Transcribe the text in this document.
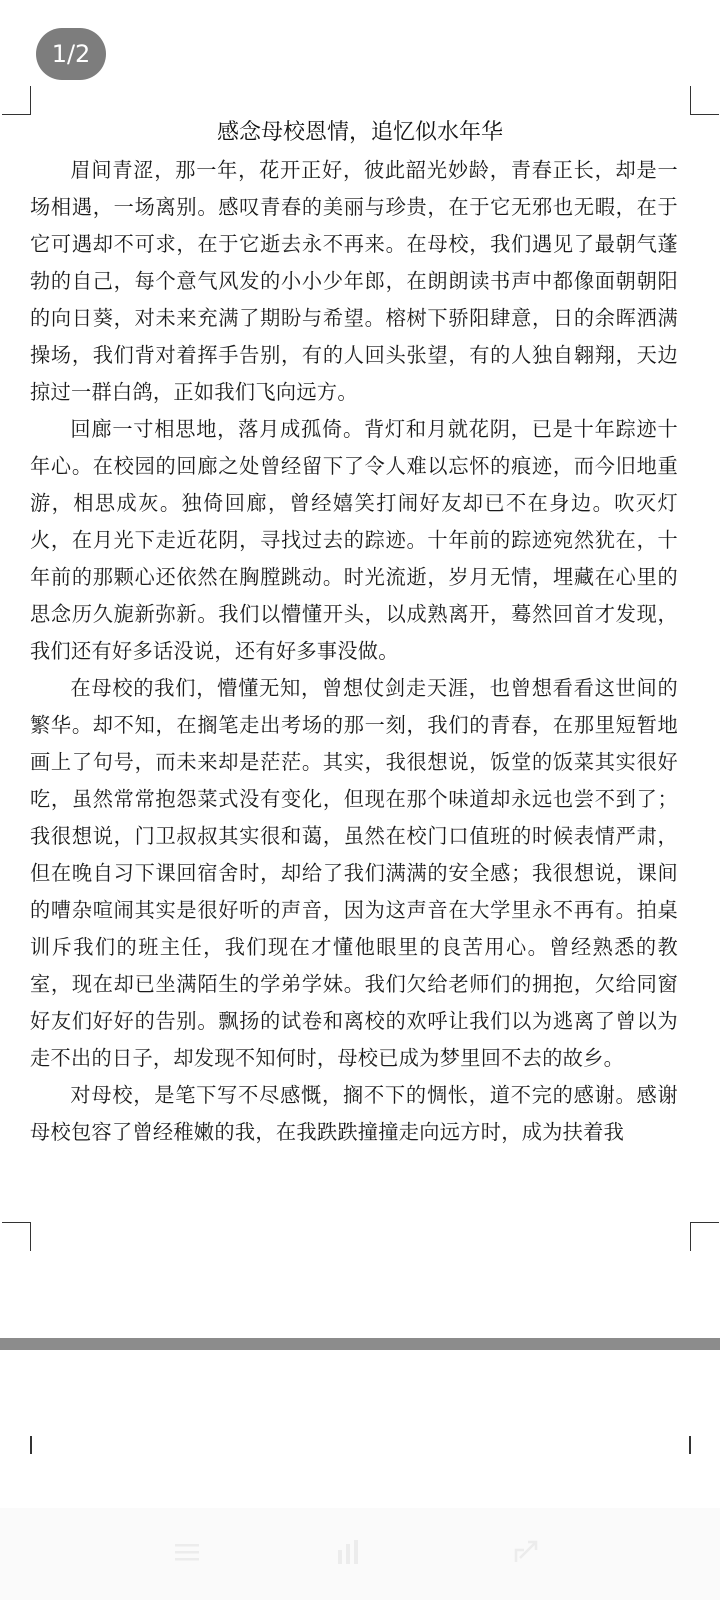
1/2
感念母校恩情，追忆似水年华

眉间青涩，那一年，花开正好，彼此韶光妙龄，青春正长，却是一场相遇，一场离别。感叹青春的美丽与珍贵，在于它无邪也无暇，在于它可遇却不可求，在于它逝去永不再来。在母校，我们遇见了最朝气蓬勃的自己，每个意气风发的小小少年郎，在朗朗读书声中都像面朝朝阳的向日葵，对未来充满了期盼与希望。榕树下骄阳肆意，日的余晖洒满操场，我们背对着挥手告别，有的人回头张望，有的人独自翱翔，天边掠过一群白鸽，正如我们飞向远方。

回廊一寸相思地，落月成孤倚。背灯和月就花阴，已是十年踪迹十年心。在校园的回廊之处曾经留下了令人难以忘怀的痕迹，而今旧地重游，相思成灰。独倚回廊，曾经嬉笑打闹好友却已不在身边。吹灭灯火，在月光下走近花阴，寻找过去的踪迹。十年前的踪迹宛然犹在，十年前的那颗心还依然在胸膛跳动。时光流逝，岁月无情，埋藏在心里的思念历久旎新弥新。我们以懵懂开头，以成熟离开，蓦然回首才发现，我们还有好多话没说，还有好多事没做。

在母校的我们，懵懂无知，曾想仗剑走天涯，也曾想看看这世间的繁华。却不知，在搁笔走出考场的那一刻，我们的青春，在那里短暂地画上了句号，而未来却是茫茫。其实，我很想说，饭堂的饭菜其实很好吃，虽然常常抱怨菜式没有变化，但现在那个味道却永远也尝不到了；我很想说，门卫叔叔其实很和蔼，虽然在校门口值班的时候表情严肃，但在晚自习下课回宿舍时，却给了我们满满的安全感；我很想说，课间的嘈杂喧闹其实是很好听的声音，因为这声音在大学里永不再有。拍桌训斥我们的班主任，我们现在才懂他眼里的良苦用心。曾经熟悉的教室，现在却已坐满陌生的学弟学妹。我们欠给老师们的拥抱，欠给同窗好友们好好的告别。飘扬的试卷和离校的欢呼让我们以为逃离了曾以为走不出的日子，却发现不知何时，母校已成为梦里回不去的故乡。

对母校，是笔下写不尽感慨，搁不下的惆怅，道不完的感谢。感谢母校包容了曾经稚嫩的我，在我跌跌撞撞走向远方时，成为扶着我
